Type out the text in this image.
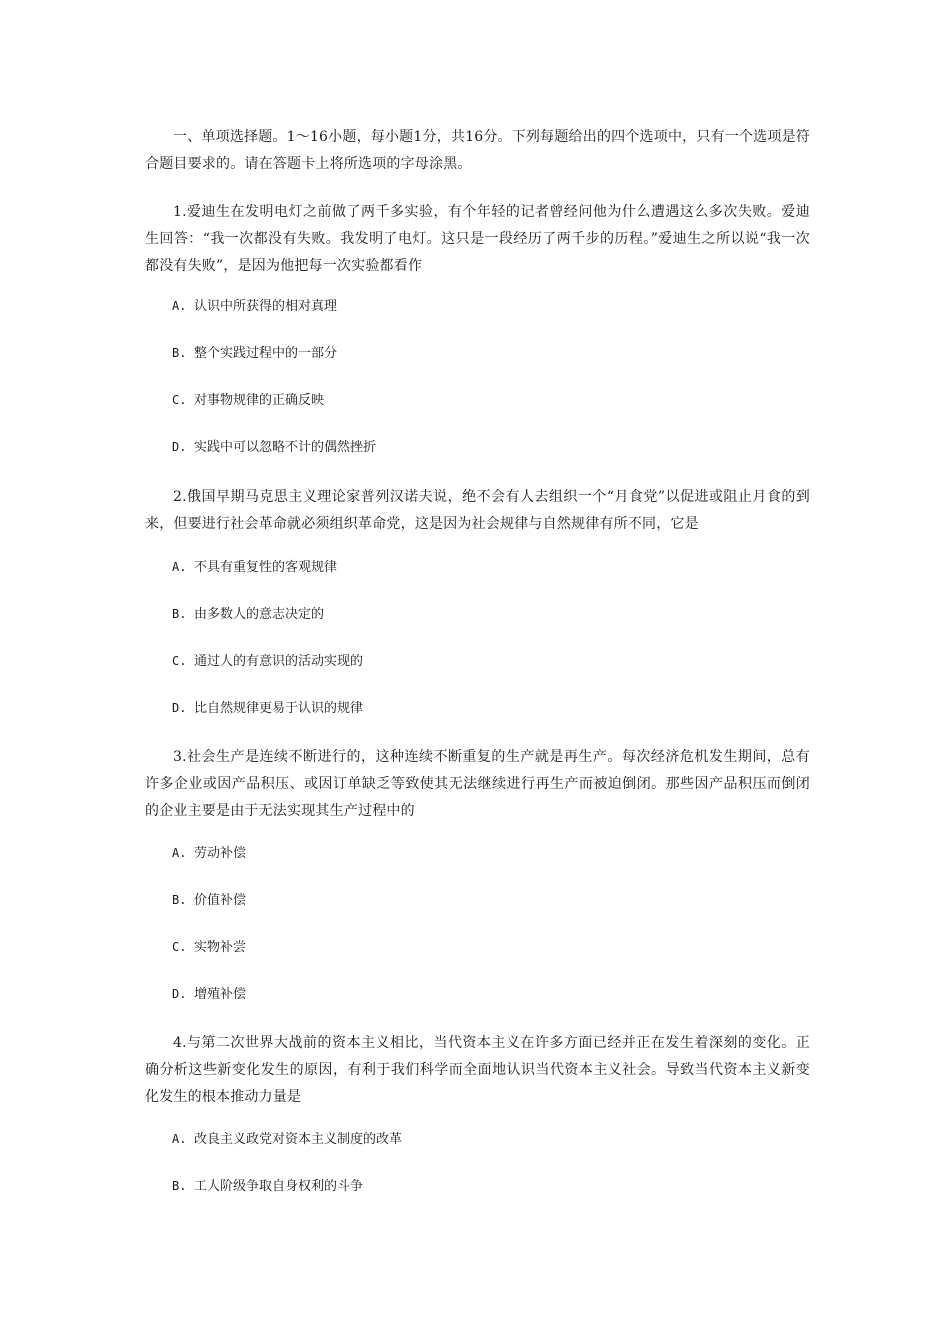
一、单项选择题。1～16小题，每小题1分，共16分。下列每题给出的四个选项中，只有一个选项是符合题目要求的。请在答题卡上将所选项的字母涂黑。

1.爱迪生在发明电灯之前做了两千多实验，有个年轻的记者曾经问他为什么遭遇这么多次失败。爱迪生回答：“我一次都没有失败。我发明了电灯。这只是一段经历了两千步的历程。”爱迪生之所以说“我一次都没有失败”，是因为他把每一次实验都看作

A. 认识中所获得的相对真理
B. 整个实践过程中的一部分
C. 对事物规律的正确反映
D. 实践中可以忽略不计的偶然挫折

2.俄国早期马克思主义理论家普列汉诺夫说，绝不会有人去组织一个“月食党”以促进或阻止月食的到来，但要进行社会革命就必须组织革命党，这是因为社会规律与自然规律有所不同，它是

A. 不具有重复性的客观规律
B. 由多数人的意志决定的
C. 通过人的有意识的活动实现的
D. 比自然规律更易于认识的规律

3.社会生产是连续不断进行的，这种连续不断重复的生产就是再生产。每次经济危机发生期间，总有许多企业或因产品积压、或因订单缺乏等致使其无法继续进行再生产而被迫倒闭。那些因产品积压而倒闭的企业主要是由于无法实现其生产过程中的

A. 劳动补偿
B. 价值补偿
C. 实物补尝
D. 增殖补偿

4.与第二次世界大战前的资本主义相比，当代资本主义在许多方面已经并正在发生着深刻的变化。正确分析这些新变化发生的原因，有利于我们科学而全面地认识当代资本主义社会。导致当代资本主义新变化发生的根本推动力量是

A. 改良主义政党对资本主义制度的改革
B. 工人阶级争取自身权利的斗争
